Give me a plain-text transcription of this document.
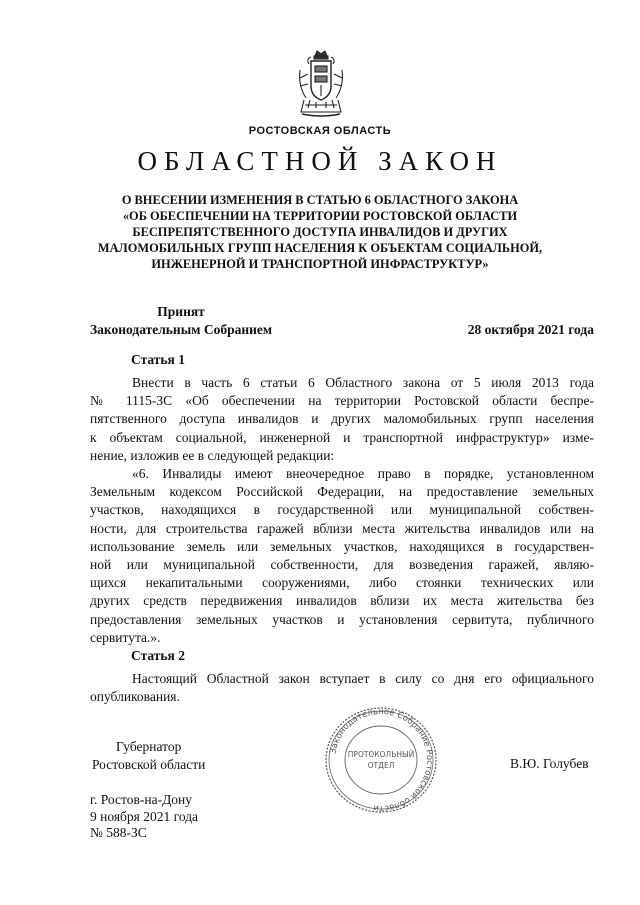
РОСТОВСКАЯ ОБЛАСТЬ
ОБЛАСТНОЙ ЗАКОН
О ВНЕСЕНИИ ИЗМЕНЕНИЯ В СТАТЬЮ 6 ОБЛАСТНОГО ЗАКОНА
«ОБ ОБЕСПЕЧЕНИИ НА ТЕРРИТОРИИ РОСТОВСКОЙ ОБЛАСТИ
БЕСПРЕПЯТСТВЕННОГО ДОСТУПА ИНВАЛИДОВ И ДРУГИХ
МАЛОМОБИЛЬНЫХ ГРУПП НАСЕЛЕНИЯ К ОБЪЕКТАМ СОЦИАЛЬНОЙ,
ИНЖЕНЕРНОЙ И ТРАНСПОРТНОЙ ИНФРАСТРУКТУР»
Принят
Законодательным Собранием	28 октября 2021 года
Статья 1
Внести в часть 6 статьи 6 Областного закона от 5 июля 2013 года
№ 1115-ЗС «Об обеспечении на территории Ростовской области беспре-
пятственного доступа инвалидов и других маломобильных групп населения
к объектам социальной, инженерной и транспортной инфраструктур» изме-
нение, изложив ее в следующей редакции:
«6. Инвалиды имеют внеочередное право в порядке, установленном
Земельным кодексом Российской Федерации, на предоставление земельных
участков, находящихся в государственной или муниципальной собствен-
ности, для строительства гаражей вблизи места жительства инвалидов или на
использование земель или земельных участков, находящихся в государствен-
ной или муниципальной собственности, для возведения гаражей, являю-
щихся некапитальными сооружениями, либо стоянки технических или
других средств передвижения инвалидов вблизи их места жительства без
предоставления земельных участков и установления сервитута, публичного
сервитута.».
Статья 2
Настоящий Областной закон вступает в силу со дня его официального
опубликования.
Губернатор
Ростовской области
Законодательное Собрание Ростовской области
ПРОТОКОЛЬНЫЙ
ОТДЕЛ	В.Ю. Голубев
г. Ростов-на-Дону
9 ноября 2021 года
№ 588-ЗС
